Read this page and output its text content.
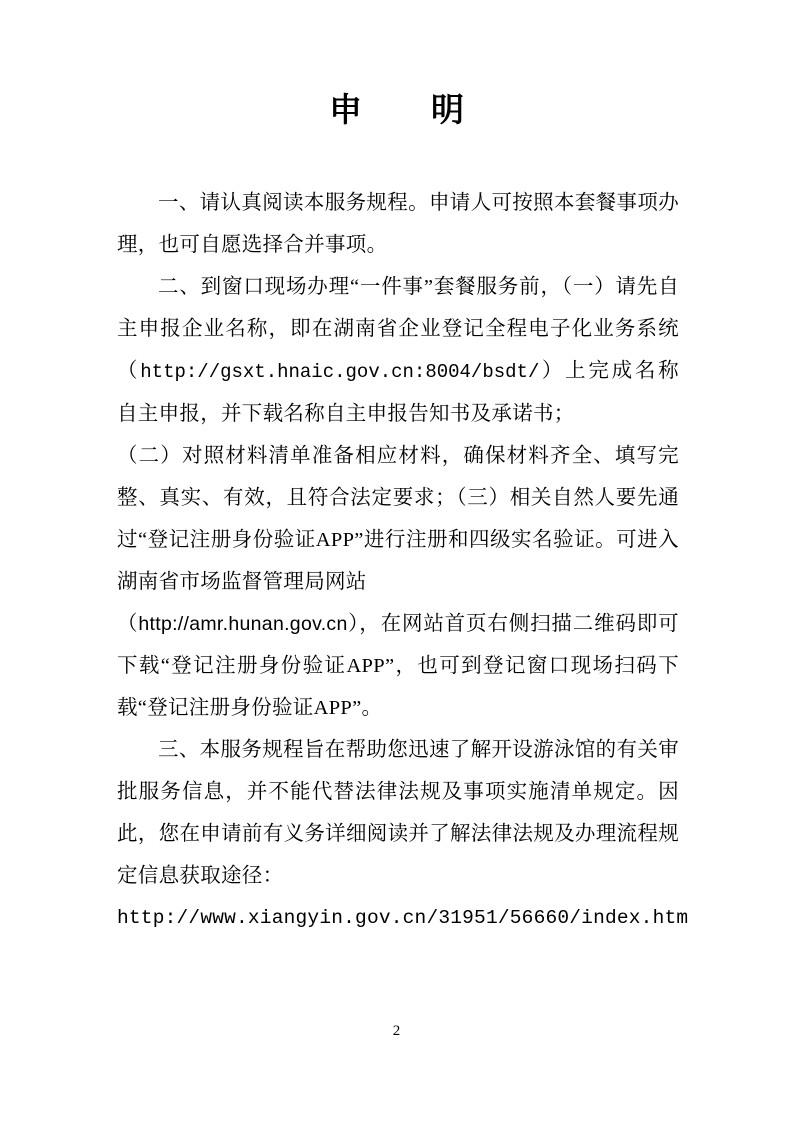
申　明

一、请认真阅读本服务规程。申请人可按照本套餐事项办理，也可自愿选择合并事项。

二、到窗口现场办理“一件事”套餐服务前，（一）请先自主申报企业名称，即在湖南省企业登记全程电子化业务系统（http://gsxt.hnaic.gov.cn:8004/bsdt/）上完成名称自主申报，并下载名称自主申报告知书及承诺书；

（二）对照材料清单准备相应材料，确保材料齐全、填写完整、真实、有效，且符合法定要求；（三）相关自然人要先通过“登记注册身份验证APP”进行注册和四级实名验证。可进入湖南省市场监督管理局网站

（http://amr.hunan.gov.cn），在网站首页右侧扫描二维码即可下载“登记注册身份验证APP”，也可到登记窗口现场扫码下载“登记注册身份验证APP”。

三、本服务规程旨在帮助您迅速了解开设游泳馆的有关审批服务信息，并不能代替法律法规及事项实施清单规定。因此，您在申请前有义务详细阅读并了解法律法规及办理流程规定信息获取途径：

http://www.xiangyin.gov.cn/31951/56660/index.htm

2
